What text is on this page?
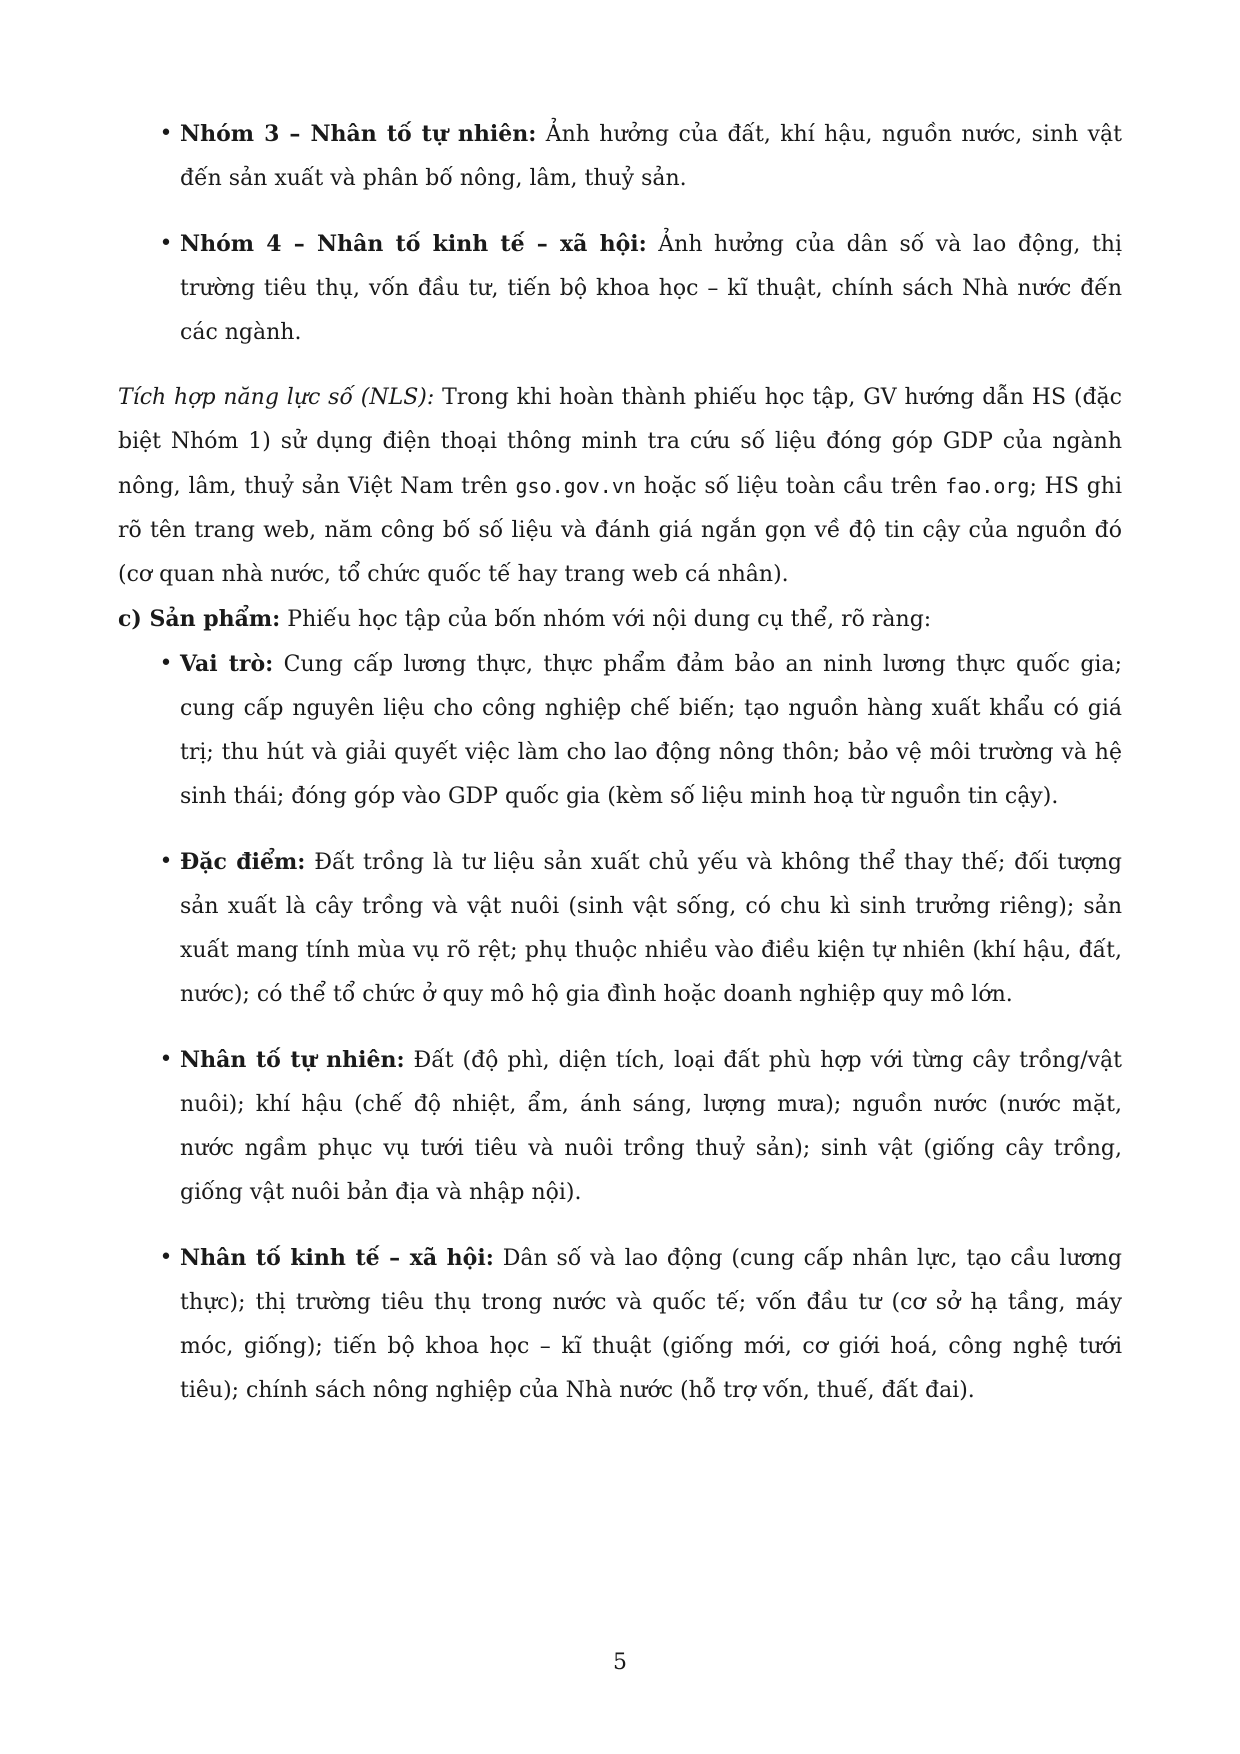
• Nhóm 3 – Nhân tố tự nhiên: Ảnh hưởng của đất, khí hậu, nguồn nước, sinh vật đến sản xuất và phân bố nông, lâm, thuỷ sản.
• Nhóm 4 – Nhân tố kinh tế – xã hội: Ảnh hưởng của dân số và lao động, thị trường tiêu thụ, vốn đầu tư, tiến bộ khoa học – kĩ thuật, chính sách Nhà nước đến các ngành.

Tích hợp năng lực số (NLS): Trong khi hoàn thành phiếu học tập, GV hướng dẫn HS (đặc biệt Nhóm 1) sử dụng điện thoại thông minh tra cứu số liệu đóng góp GDP của ngành nông, lâm, thuỷ sản Việt Nam trên gso.gov.vn hoặc số liệu toàn cầu trên fao.org; HS ghi rõ tên trang web, năm công bố số liệu và đánh giá ngắn gọn về độ tin cậy của nguồn đó (cơ quan nhà nước, tổ chức quốc tế hay trang web cá nhân).

c) Sản phẩm: Phiếu học tập của bốn nhóm với nội dung cụ thể, rõ ràng:

• Vai trò: Cung cấp lương thực, thực phẩm đảm bảo an ninh lương thực quốc gia; cung cấp nguyên liệu cho công nghiệp chế biến; tạo nguồn hàng xuất khẩu có giá trị; thu hút và giải quyết việc làm cho lao động nông thôn; bảo vệ môi trường và hệ sinh thái; đóng góp vào GDP quốc gia (kèm số liệu minh hoạ từ nguồn tin cậy).
• Đặc điểm: Đất trồng là tư liệu sản xuất chủ yếu và không thể thay thế; đối tượng sản xuất là cây trồng và vật nuôi (sinh vật sống, có chu kì sinh trưởng riêng); sản xuất mang tính mùa vụ rõ rệt; phụ thuộc nhiều vào điều kiện tự nhiên (khí hậu, đất, nước); có thể tổ chức ở quy mô hộ gia đình hoặc doanh nghiệp quy mô lớn.
• Nhân tố tự nhiên: Đất (độ phì, diện tích, loại đất phù hợp với từng cây trồng/vật nuôi); khí hậu (chế độ nhiệt, ẩm, ánh sáng, lượng mưa); nguồn nước (nước mặt, nước ngầm phục vụ tưới tiêu và nuôi trồng thuỷ sản); sinh vật (giống cây trồng, giống vật nuôi bản địa và nhập nội).
• Nhân tố kinh tế – xã hội: Dân số và lao động (cung cấp nhân lực, tạo cầu lương thực); thị trường tiêu thụ trong nước và quốc tế; vốn đầu tư (cơ sở hạ tầng, máy móc, giống); tiến bộ khoa học – kĩ thuật (giống mới, cơ giới hoá, công nghệ tưới tiêu); chính sách nông nghiệp của Nhà nước (hỗ trợ vốn, thuế, đất đai).
5
